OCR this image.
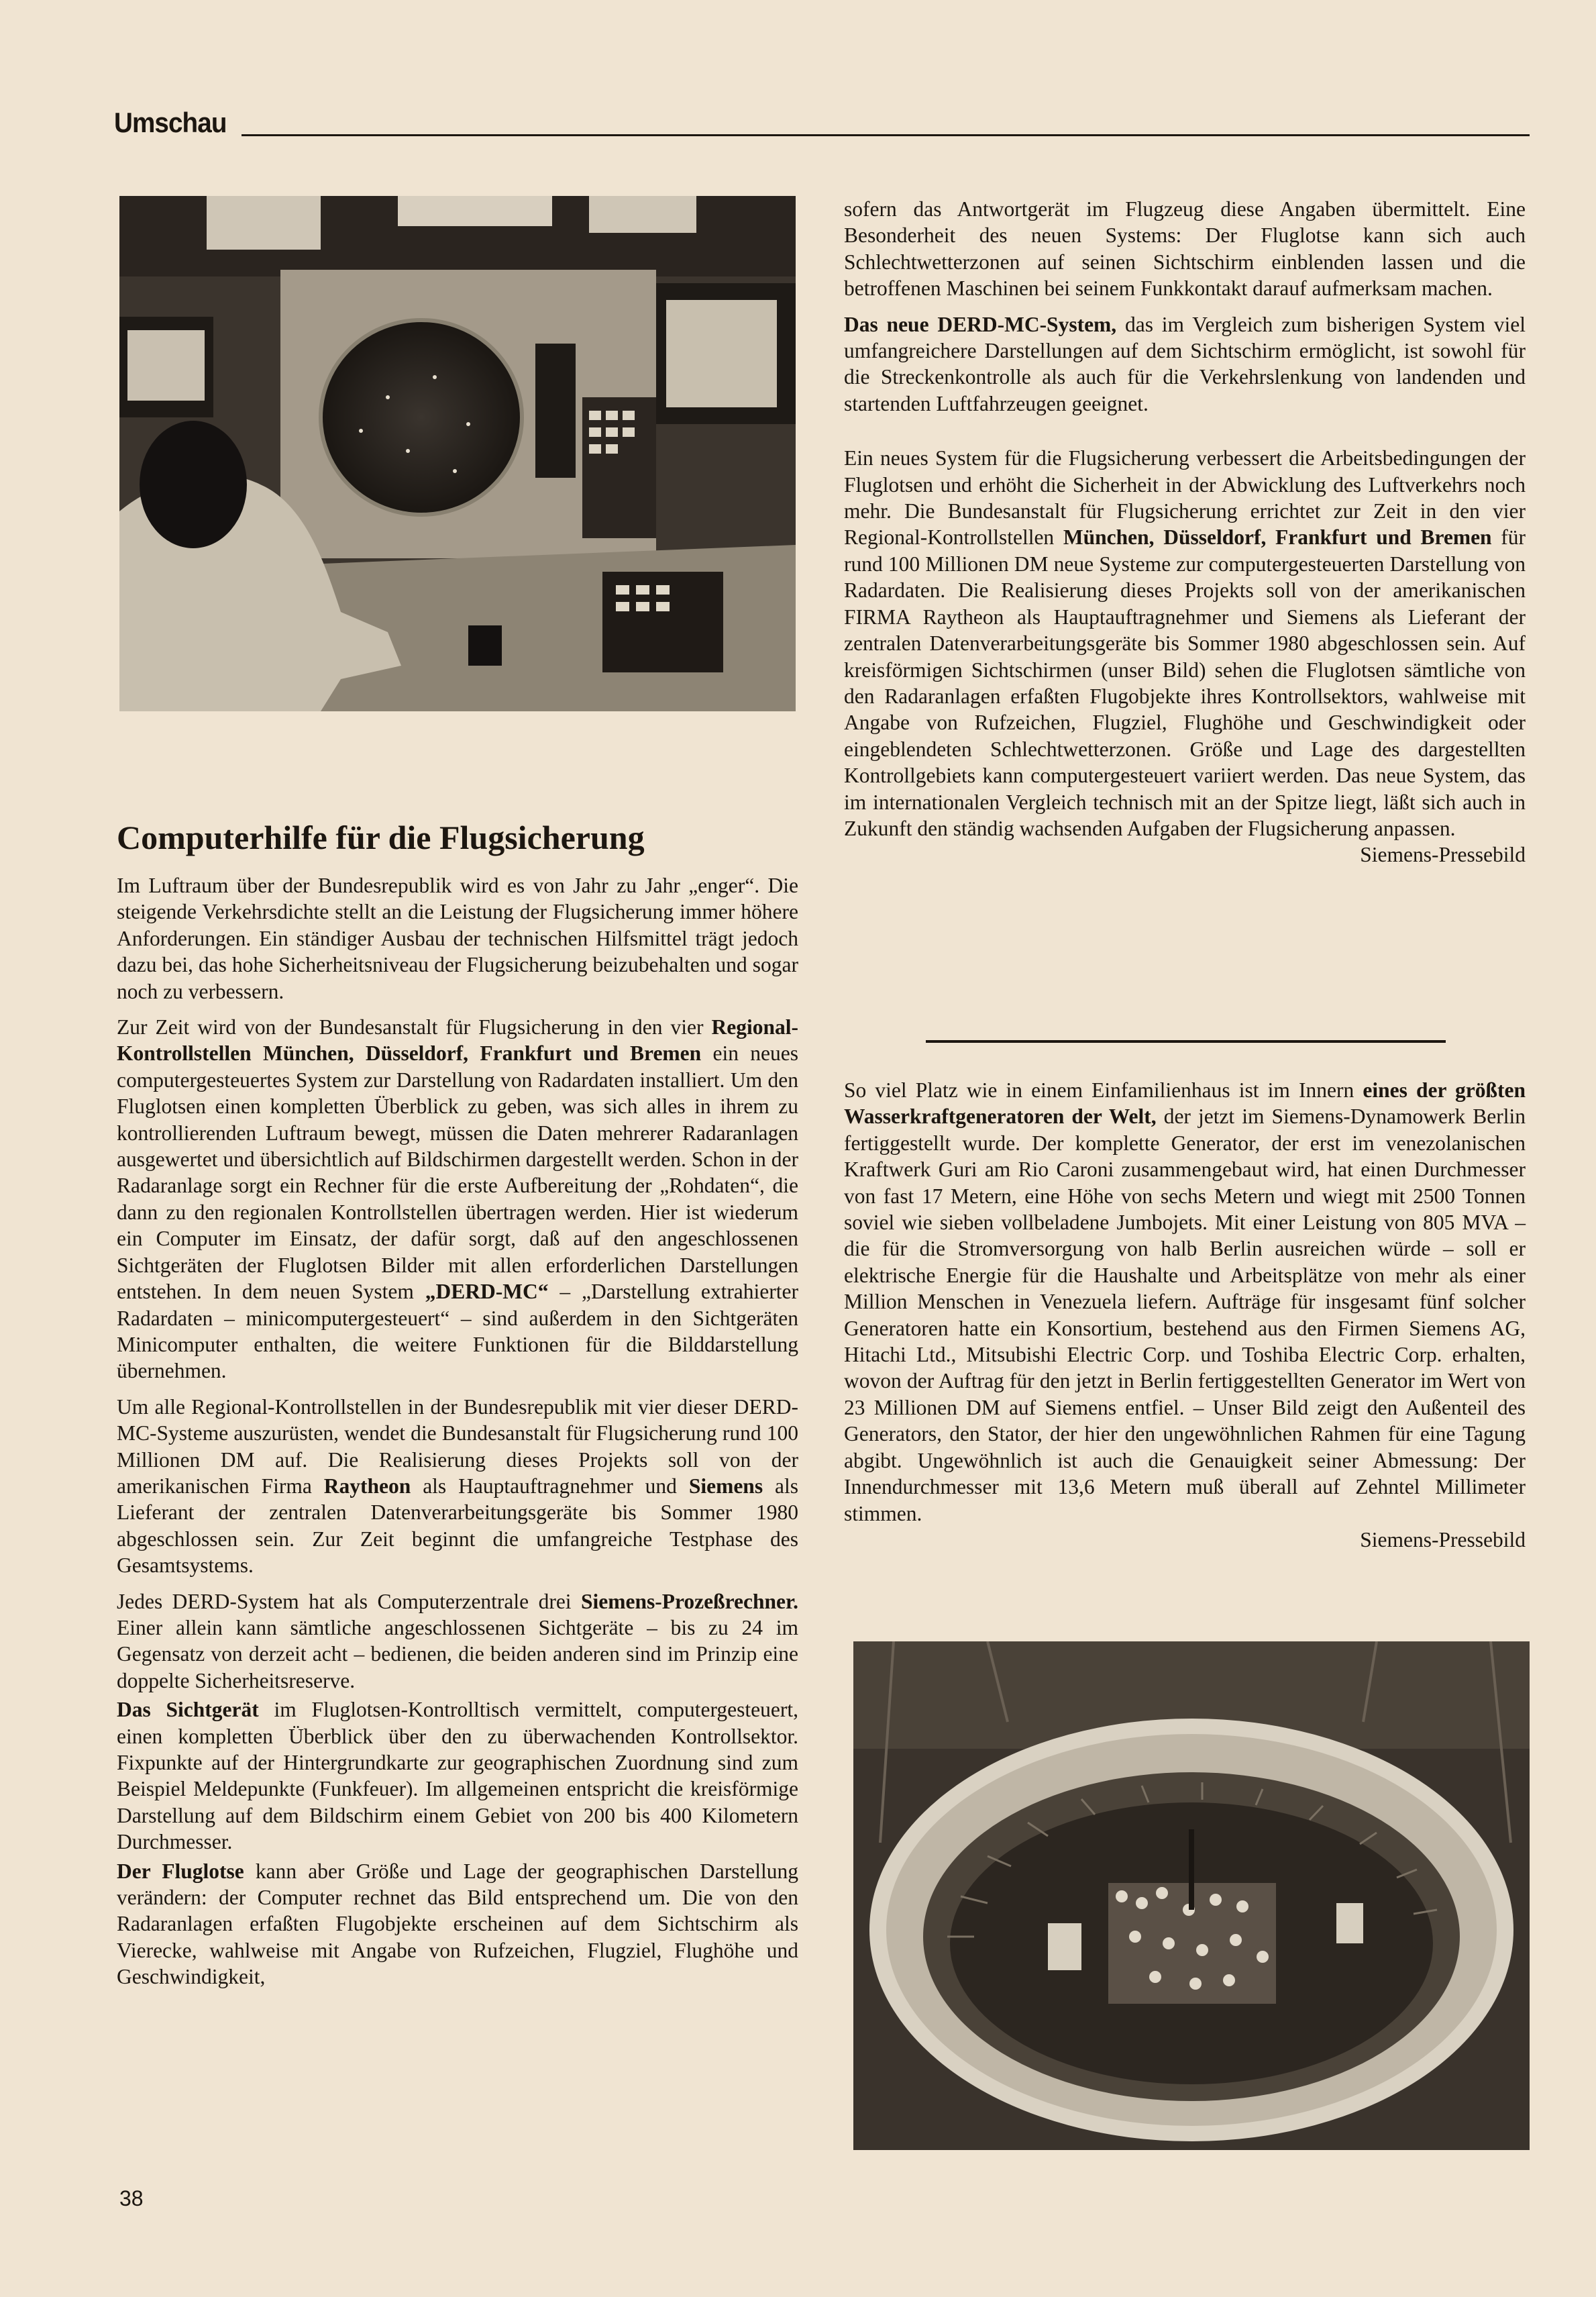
Umschau
Computerhilfe für die Flugsicherung

Im Luftraum über der Bundesrepublik wird es von Jahr zu Jahr „enger“. Die steigende Verkehrsdichte stellt an die Leistung der Flugsicherung immer höhere Anforderungen. Ein ständiger Ausbau der technischen Hilfsmittel trägt jedoch dazu bei, das hohe Sicherheitsniveau der Flugsicherung beizubehalten und sogar noch zu verbessern.

Zur Zeit wird von der Bundesanstalt für Flugsicherung in den vier Regional-Kontrollstellen München, Düsseldorf, Frankfurt und Bremen ein neues computergesteuertes System zur Darstellung von Radardaten installiert. Um den Fluglotsen einen kompletten Überblick zu geben, was sich alles in ihrem zu kontrollierenden Luftraum bewegt, müssen die Daten mehrerer Radaranlagen ausgewertet und übersichtlich auf Bildschirmen dargestellt werden. Schon in der Radaranlage sorgt ein Rechner für die erste Aufbereitung der „Rohdaten“, die dann zu den regionalen Kontrollstellen übertragen werden. Hier ist wiederum ein Computer im Einsatz, der dafür sorgt, daß auf den angeschlossenen Sichtgeräten der Fluglotsen Bilder mit allen erforderlichen Darstellungen entstehen. In dem neuen System „DERD-MC“ – „Darstellung extrahierter Radardaten – minicomputergesteuert“ – sind außerdem in den Sichtgeräten Minicomputer enthalten, die weitere Funktionen für die Bilddarstellung übernehmen.

Um alle Regional-Kontrollstellen in der Bundesrepublik mit vier dieser DERD-MC-Systeme auszurüsten, wendet die Bundesanstalt für Flugsicherung rund 100 Millionen DM auf. Die Realisierung dieses Projekts soll von der amerikanischen Firma Raytheon als Hauptauftragnehmer und Siemens als Lieferant der zentralen Datenverarbeitungsgeräte bis Sommer 1980 abgeschlossen sein. Zur Zeit beginnt die umfangreiche Testphase des Gesamtsystems.

Jedes DERD-System hat als Computerzentrale drei Siemens-Prozeßrechner. Einer allein kann sämtliche angeschlossenen Sichtgeräte – bis zu 24 im Gegensatz von derzeit acht – bedienen, die beiden anderen sind im Prinzip eine doppelte Sicherheitsreserve.

Das Sichtgerät im Fluglotsen-Kontrolltisch vermittelt, computergesteuert, einen kompletten Überblick über den zu überwachenden Kontrollsektor. Fixpunkte auf der Hintergrundkarte zur geographischen Zuordnung sind zum Beispiel Meldepunkte (Funkfeuer). Im allgemeinen entspricht die kreisförmige Darstellung auf dem Bildschirm einem Gebiet von 200 bis 400 Kilometern Durchmesser.

Der Fluglotse kann aber Größe und Lage der geographischen Darstellung verändern: der Computer rechnet das Bild entsprechend um. Die von den Radaranlagen erfaßten Flugobjekte erscheinen auf dem Sichtschirm als Vierecke, wahlweise mit Angabe von Rufzeichen, Flugziel, Flughöhe und Geschwindigkeit,

sofern das Antwortgerät im Flugzeug diese Angaben übermittelt. Eine Besonderheit des neuen Systems: Der Fluglotse kann sich auch Schlechtwetterzonen auf seinen Sichtschirm einblenden lassen und die betroffenen Maschinen bei seinem Funkkontakt darauf aufmerksam machen.

Das neue DERD-MC-System, das im Vergleich zum bisherigen System viel umfangreichere Darstellungen auf dem Sichtschirm ermöglicht, ist sowohl für die Streckenkontrolle als auch für die Verkehrslenkung von landenden und startenden Luftfahrzeugen geeignet.

Ein neues System für die Flugsicherung verbessert die Arbeitsbedingungen der Fluglotsen und erhöht die Sicherheit in der Abwicklung des Luftverkehrs noch mehr. Die Bundesanstalt für Flugsicherung errichtet zur Zeit in den vier Regional-Kontrollstellen München, Düsseldorf, Frankfurt und Bremen für rund 100 Millionen DM neue Systeme zur computergesteuerten Darstellung von Radardaten. Die Realisierung dieses Projekts soll von der amerikanischen FIRMA Raytheon als Hauptauftragnehmer und Siemens als Lieferant der zentralen Datenverarbeitungsgeräte bis Sommer 1980 abgeschlossen sein. Auf kreisförmigen Sichtschirmen (unser Bild) sehen die Fluglotsen sämtliche von den Radaranlagen erfaßten Flugobjekte ihres Kontrollsektors, wahlweise mit Angabe von Rufzeichen, Flugziel, Flughöhe und Geschwindigkeit oder eingeblendeten Schlechtwetterzonen. Größe und Lage des dargestellten Kontrollgebiets kann computergesteuert variiert werden. Das neue System, das im internationalen Vergleich technisch mit an der Spitze liegt, läßt sich auch in Zukunft den ständig wachsenden Aufgaben der Flugsicherung anpassen.

Siemens-Pressebild

So viel Platz wie in einem Einfamilienhaus ist im Innern eines der größten Wasserkraftgeneratoren der Welt, der jetzt im Siemens-Dynamowerk Berlin fertiggestellt wurde. Der komplette Generator, der erst im venezolanischen Kraftwerk Guri am Rio Caroni zusammengebaut wird, hat einen Durchmesser von fast 17 Metern, eine Höhe von sechs Metern und wiegt mit 2500 Tonnen soviel wie sieben vollbeladene Jumbojets. Mit einer Leistung von 805 MVA – die für die Stromversorgung von halb Berlin ausreichen würde – soll er elektrische Energie für die Haushalte und Arbeitsplätze von mehr als einer Million Menschen in Venezuela liefern. Aufträge für insgesamt fünf solcher Generatoren hatte ein Konsortium, bestehend aus den Firmen Siemens AG, Hitachi Ltd., Mitsubishi Electric Corp. und Toshiba Electric Corp. erhalten, wovon der Auftrag für den jetzt in Berlin fertiggestellten Generator im Wert von 23 Millionen DM auf Siemens entfiel. – Unser Bild zeigt den Außenteil des Generators, den Stator, der hier den ungewöhnlichen Rahmen für eine Tagung abgibt. Ungewöhnlich ist auch die Genauigkeit seiner Abmessung: Der Innendurchmesser mit 13,6 Metern muß überall auf Zehntel Millimeter stimmen.

Siemens-Pressebild
38
